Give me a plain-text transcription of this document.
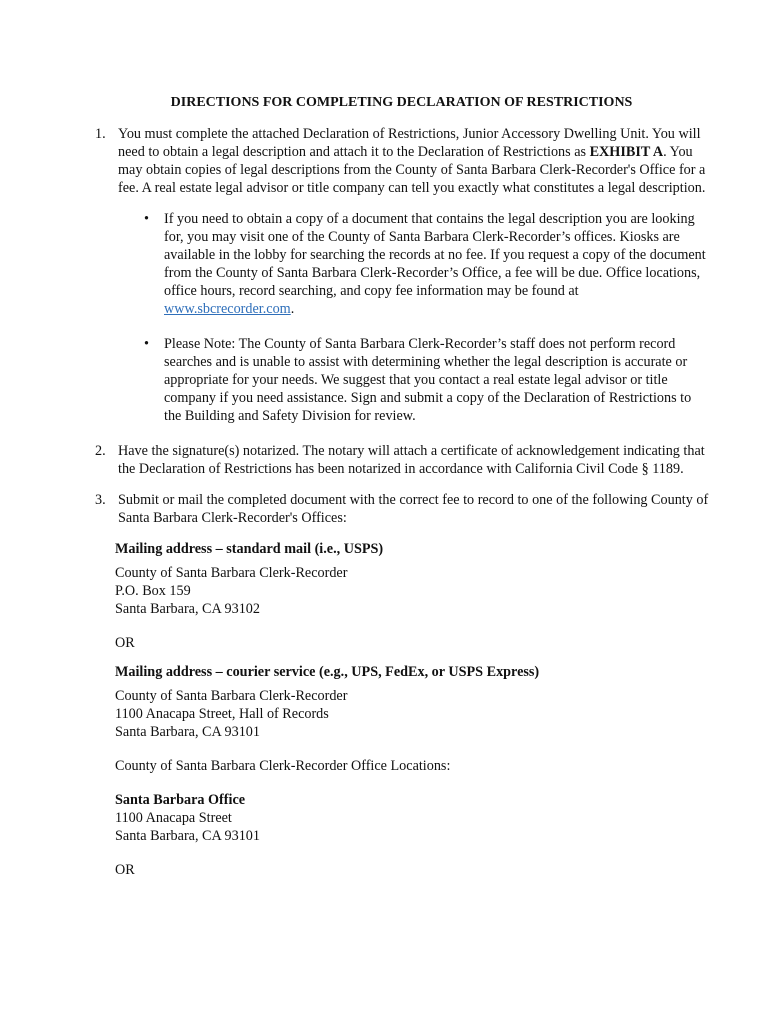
DIRECTIONS FOR COMPLETING DECLARATION OF RESTRICTIONS
1. You must complete the attached Declaration of Restrictions, Junior Accessory Dwelling Unit. You will need to obtain a legal description and attach it to the Declaration of Restrictions as EXHIBIT A. You may obtain copies of legal descriptions from the County of Santa Barbara Clerk-Recorder's Office for a fee. A real estate legal advisor or title company can tell you exactly what constitutes a legal description.

• If you need to obtain a copy of a document that contains the legal description you are looking for, you may visit one of the County of Santa Barbara Clerk-Recorder’s offices. Kiosks are available in the lobby for searching the records at no fee. If you request a copy of the document from the County of Santa Barbara Clerk-Recorder’s Office, a fee will be due. Office locations, office hours, record searching, and copy fee information may be found at www.sbcrecorder.com.

• Please Note: The County of Santa Barbara Clerk-Recorder’s staff does not perform record searches and is unable to assist with determining whether the legal description is accurate or appropriate for your needs. We suggest that you contact a real estate legal advisor or title company if you need assistance. Sign and submit a copy of the Declaration of Restrictions to the Building and Safety Division for review.

2. Have the signature(s) notarized. The notary will attach a certificate of acknowledgement indicating that the Declaration of Restrictions has been notarized in accordance with California Civil Code § 1189.

3. Submit or mail the completed document with the correct fee to record to one of the following County of Santa Barbara Clerk-Recorder's Offices:

Mailing address – standard mail (i.e., USPS)
County of Santa Barbara Clerk-Recorder
P.O. Box 159
Santa Barbara, CA 93102
OR
Mailing address – courier service (e.g., UPS, FedEx, or USPS Express)
County of Santa Barbara Clerk-Recorder
1100 Anacapa Street, Hall of Records
Santa Barbara, CA 93101
County of Santa Barbara Clerk-Recorder Office Locations:
Santa Barbara Office
1100 Anacapa Street
Santa Barbara, CA 93101
OR
